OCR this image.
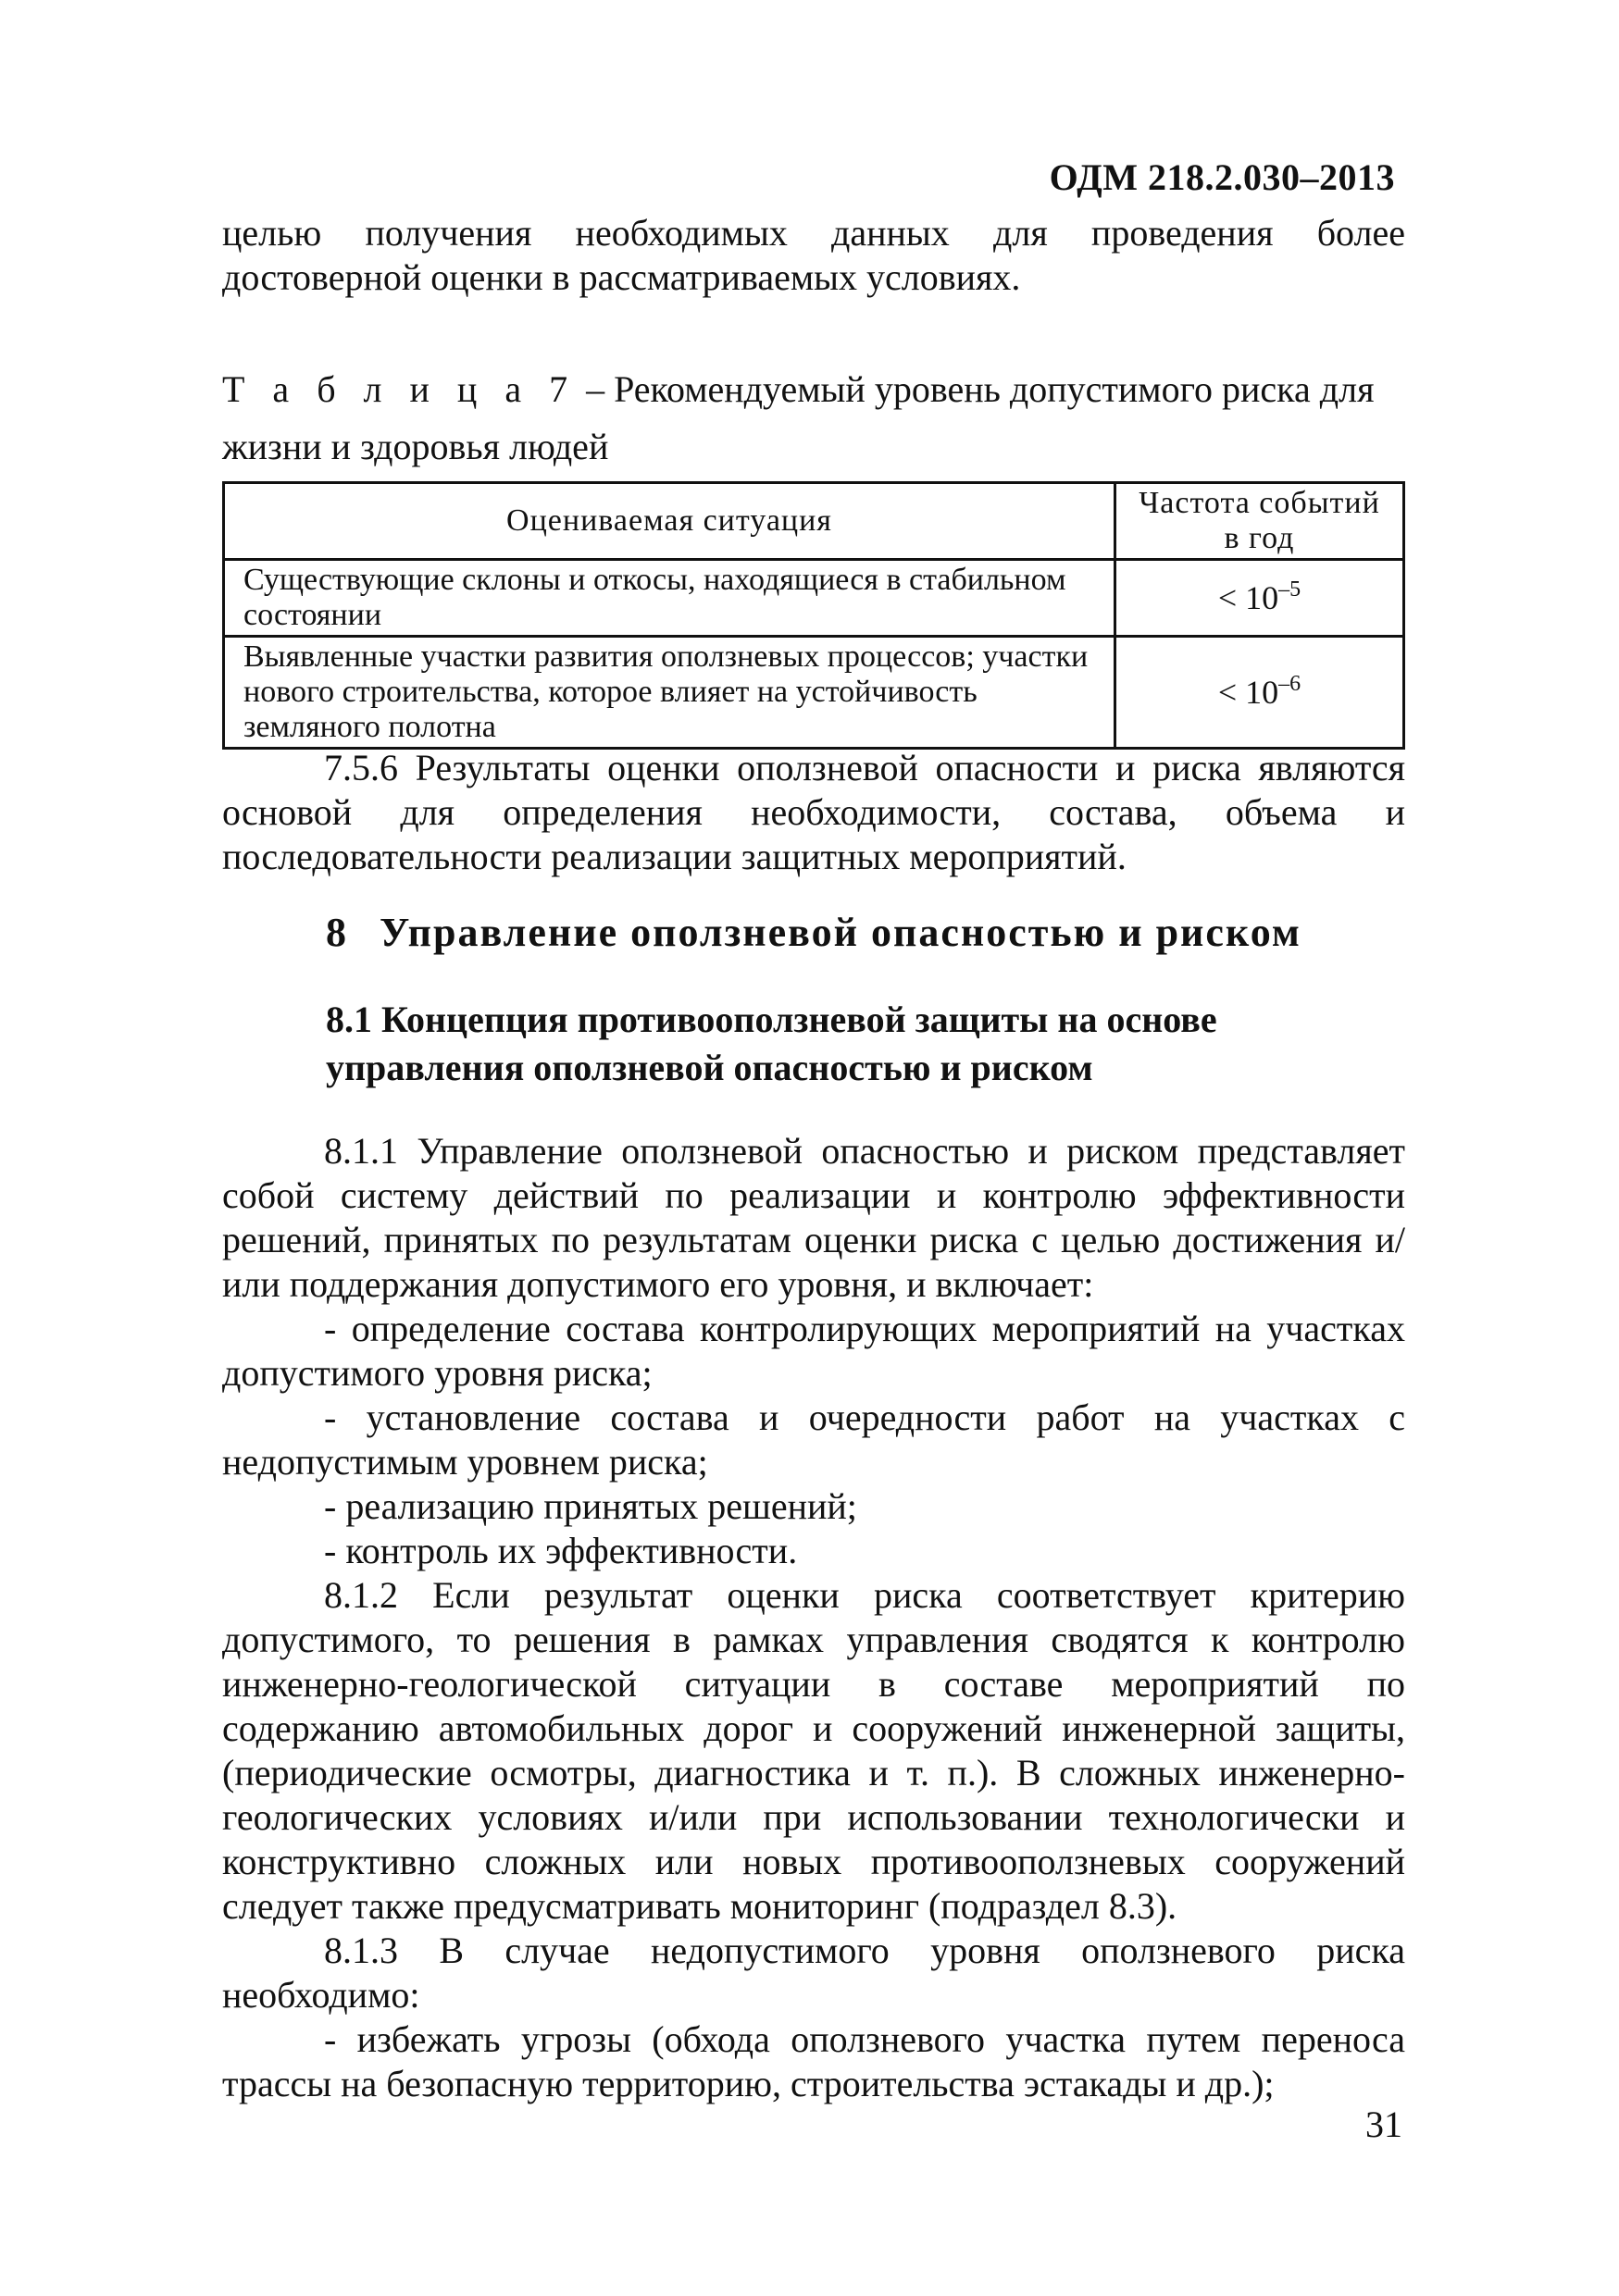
ОДМ 218.2.030–2013

целью получения необходимых данных для проведения более достоверной оценки в рассматриваемых условиях.

Т а б л и ц а 7 – Рекомендуемый уровень допустимого риска для жизни и здоровья людей

Оцениваемая ситуация	Частота событий в год
Существующие склоны и откосы, находящиеся в стабильном состоянии	< $10^{-5}$
Выявленные участки развития оползневых процессов; участки нового строительства, которое влияет на устойчивость земляного полотна	< $10^{-6}$

7.5.6 Результаты оценки оползневой опасности и риска являются основой для определения необходимости, состава, объема и последовательности реализации защитных мероприятий.

8 Управление оползневой опасностью и риском
8.1 Концепция противооползневой защиты на основе управления оползневой опасностью и риском

8.1.1 Управление оползневой опасностью и риском представляет собой систему действий по реализации и контролю эффективности решений, принятых по результатам оценки риска с целью достижения и/или поддержания допустимого его уровня, и включает:

- определение состава контролирующих мероприятий на участках допустимого уровня риска;

- установление состава и очередности работ на участках с недопустимым уровнем риска;

- реализацию принятых решений;

- контроль их эффективности.

8.1.2 Если результат оценки риска соответствует критерию допустимого, то решения в рамках управления сводятся к контролю инженерно-геологической ситуации в составе мероприятий по содержанию автомобильных дорог и сооружений инженерной защиты, (периодические осмотры, диагностика и т. п.). В сложных инженерно-геологических условиях и/или при использовании технологически и конструктивно сложных или новых противооползневых сооружений следует также предусматривать мониторинг (подраздел 8.3).

8.1.3 В случае недопустимого уровня оползневого риска необходимо:

- избежать угрозы (обхода оползневого участка путем переноса трассы на безопасную территорию, строительства эстакады и др.);

31
